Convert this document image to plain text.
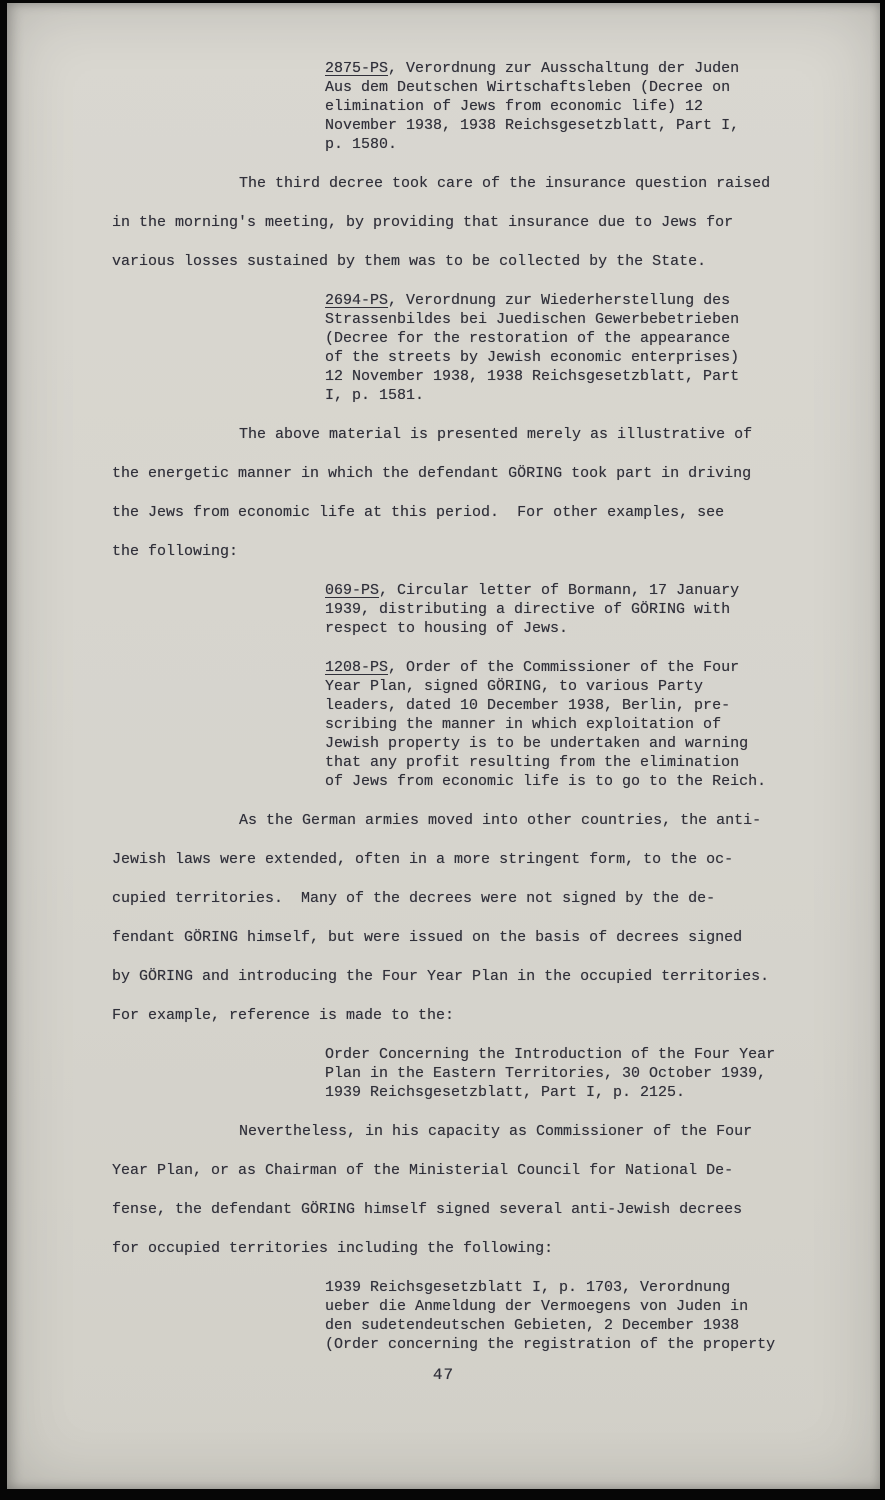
2875-PS, Verordnung zur Ausschaltung der Juden
Aus dem Deutschen Wirtschaftsleben (Decree on
elimination of Jews from economic life) 12
November 1938, 1938 Reichsgesetzblatt, Part I,
p. 1580.
The third decree took care of the insurance question raised
in the morning's meeting, by providing that insurance due to Jews for
various losses sustained by them was to be collected by the State.
2694-PS, Verordnung zur Wiederherstellung des
Strassenbildes bei Juedischen Gewerbebetrieben
(Decree for the restoration of the appearance
of the streets by Jewish economic enterprises)
12 November 1938, 1938 Reichsgesetzblatt, Part
I, p. 1581.
The above material is presented merely as illustrative of
the energetic manner in which the defendant GÖRING took part in driving
the Jews from economic life at this period.  For other examples, see
the following:
069-PS, Circular letter of Bormann, 17 January
1939, distributing a directive of GÖRING with
respect to housing of Jews.
1208-PS, Order of the Commissioner of the Four
Year Plan, signed GÖRING, to various Party
leaders, dated 10 December 1938, Berlin, pre-
scribing the manner in which exploitation of
Jewish property is to be undertaken and warning
that any profit resulting from the elimination
of Jews from economic life is to go to the Reich.
As the German armies moved into other countries, the anti-
Jewish laws were extended, often in a more stringent form, to the oc-
cupied territories.  Many of the decrees were not signed by the de-
fendant GÖRING himself, but were issued on the basis of decrees signed
by GÖRING and introducing the Four Year Plan in the occupied territories.
For example, reference is made to the:
Order Concerning the Introduction of the Four Year
Plan in the Eastern Territories, 30 October 1939,
1939 Reichsgesetzblatt, Part I, p. 2125.
Nevertheless, in his capacity as Commissioner of the Four
Year Plan, or as Chairman of the Ministerial Council for National De-
fense, the defendant GÖRING himself signed several anti-Jewish decrees
for occupied territories including the following:
1939 Reichsgesetzblatt I, p. 1703, Verordnung
ueber die Anmeldung der Vermoegens von Juden in
den sudetendeutschen Gebieten, 2 December 1938
(Order concerning the registration of the property
47
